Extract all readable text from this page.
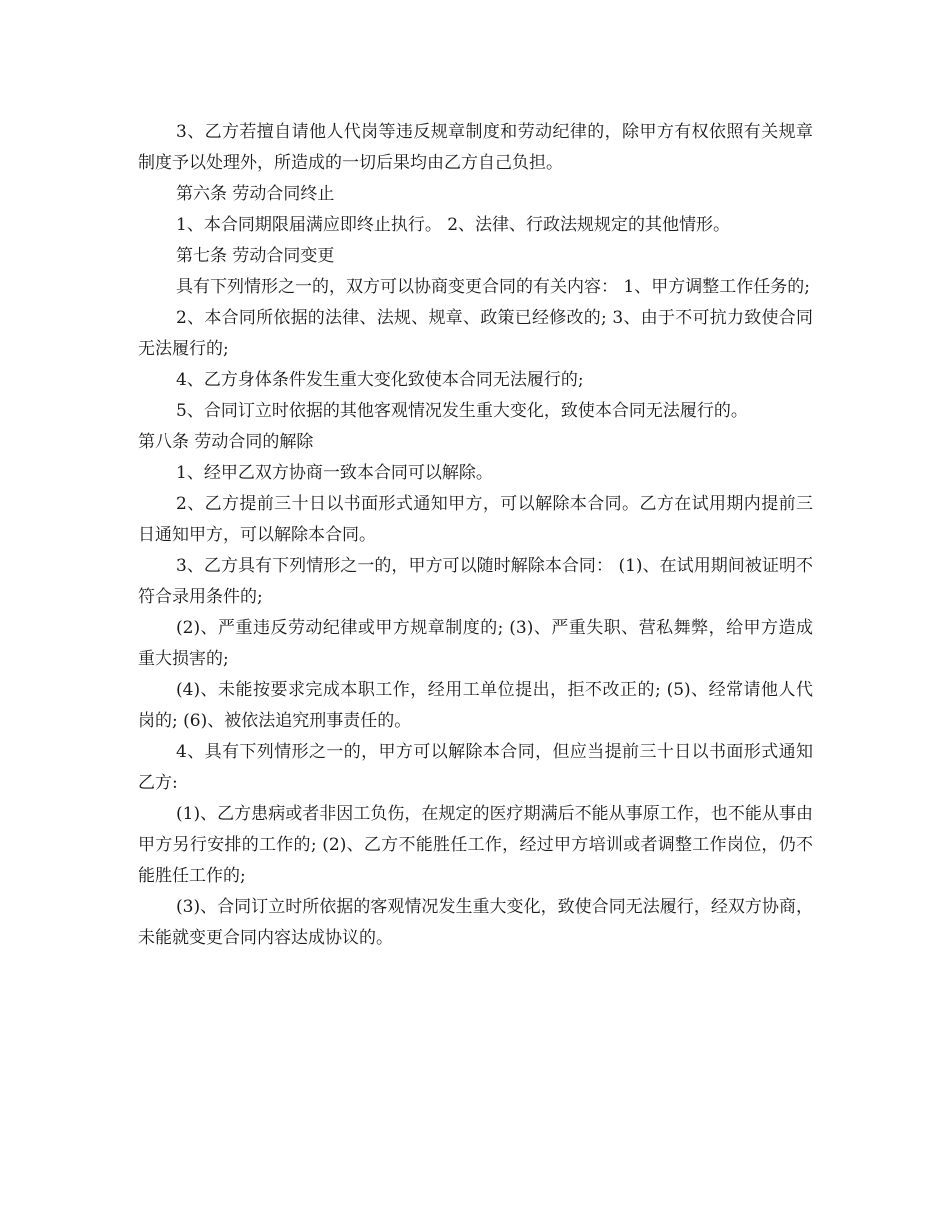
3、乙方若擅自请他人代岗等违反规章制度和劳动纪律的，除甲方有权依照有关规章制度予以处理外，所造成的一切后果均由乙方自己负担。

第六条 劳动合同终止

1、本合同期限届满应即终止执行。 2、法律、行政法规规定的其他情形。

第七条 劳动合同变更

具有下列情形之一的，双方可以协商变更合同的有关内容： 1、甲方调整工作任务的;

2、本合同所依据的法律、法规、规章、政策已经修改的; 3、由于不可抗力致使合同无法履行的;

4、乙方身体条件发生重大变化致使本合同无法履行的;

5、合同订立时依据的其他客观情况发生重大变化，致使本合同无法履行的。

第八条 劳动合同的解除

1、经甲乙双方协商一致本合同可以解除。

2、乙方提前三十日以书面形式通知甲方，可以解除本合同。乙方在试用期内提前三日通知甲方，可以解除本合同。

3、乙方具有下列情形之一的，甲方可以随时解除本合同： (1)、在试用期间被证明不符合录用条件的;

(2)、严重违反劳动纪律或甲方规章制度的; (3)、严重失职、营私舞弊，给甲方造成重大损害的;

(4)、未能按要求完成本职工作，经用工单位提出，拒不改正的; (5)、经常请他人代岗的; (6)、被依法追究刑事责任的。

4、具有下列情形之一的，甲方可以解除本合同，但应当提前三十日以书面形式通知乙方:

(1)、乙方患病或者非因工负伤，在规定的医疗期满后不能从事原工作，也不能从事由甲方另行安排的工作的; (2)、乙方不能胜任工作，经过甲方培训或者调整工作岗位，仍不能胜任工作的;

(3)、合同订立时所依据的客观情况发生重大变化，致使合同无法履行，经双方协商，未能就变更合同内容达成协议的。
